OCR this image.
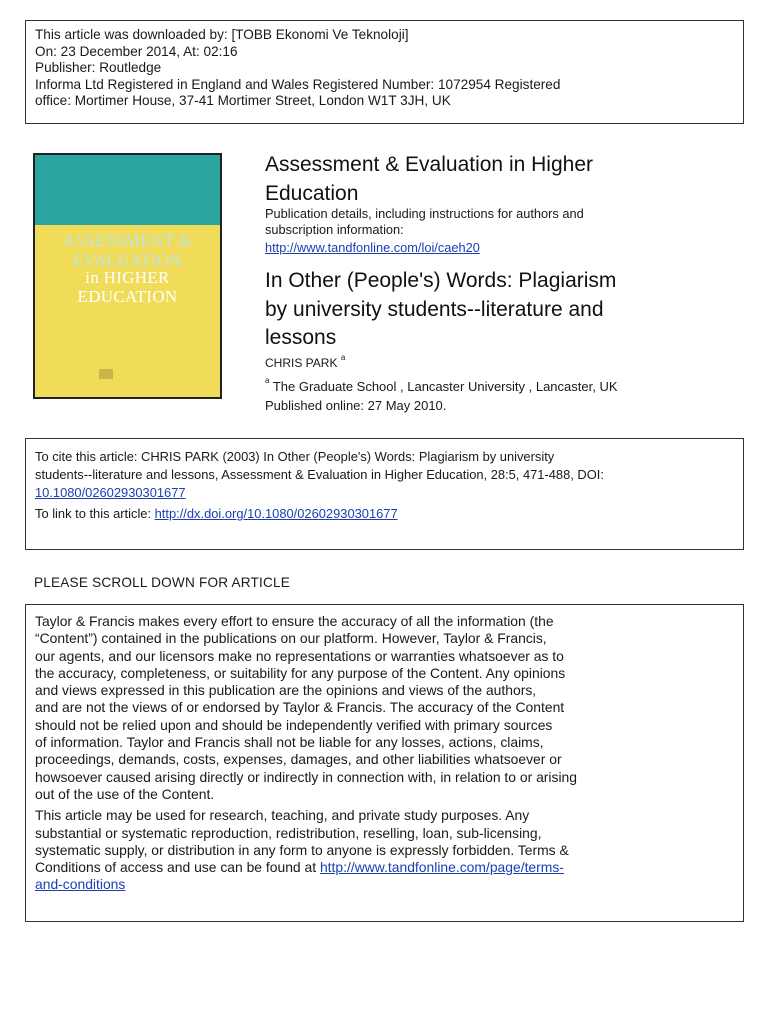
This article was downloaded by: [TOBB Ekonomi Ve Teknoloji]
On: 23 December 2014, At: 02:16
Publisher: Routledge
Informa Ltd Registered in England and Wales Registered Number: 1072954 Registered
office: Mortimer House, 37-41 Mortimer Street, London W1T 3JH, UK
ASSESSMENT &
EVALUATION
in HIGHER
EDUCATION
Assessment & Evaluation in Higher
Education
Publication details, including instructions for authors and
subscription information:
http://www.tandfonline.com/loi/caeh20
In Other (People's) Words: Plagiarism
by university students--literature and
lessons
CHRIS PARK $^a$
$^a$ The Graduate School , Lancaster University , Lancaster, UK
Published online: 27 May 2010.
To cite this article: CHRIS PARK (2003) In Other (People's) Words: Plagiarism by university
students--literature and lessons, Assessment & Evaluation in Higher Education, 28:5, 471-488, DOI:
10.1080/02602930301677
To link to this article: http://dx.doi.org/10.1080/02602930301677
PLEASE SCROLL DOWN FOR ARTICLE
Taylor & Francis makes every effort to ensure the accuracy of all the information (the
“Content”) contained in the publications on our platform. However, Taylor & Francis,
our agents, and our licensors make no representations or warranties whatsoever as to
the accuracy, completeness, or suitability for any purpose of the Content. Any opinions
and views expressed in this publication are the opinions and views of the authors,
and are not the views of or endorsed by Taylor & Francis. The accuracy of the Content
should not be relied upon and should be independently verified with primary sources
of information. Taylor and Francis shall not be liable for any losses, actions, claims,
proceedings, demands, costs, expenses, damages, and other liabilities whatsoever or
howsoever caused arising directly or indirectly in connection with, in relation to or arising
out of the use of the Content.
This article may be used for research, teaching, and private study purposes. Any
substantial or systematic reproduction, redistribution, reselling, loan, sub-licensing,
systematic supply, or distribution in any form to anyone is expressly forbidden. Terms &
Conditions of access and use can be found at http://www.tandfonline.com/page/terms-
and-conditions
